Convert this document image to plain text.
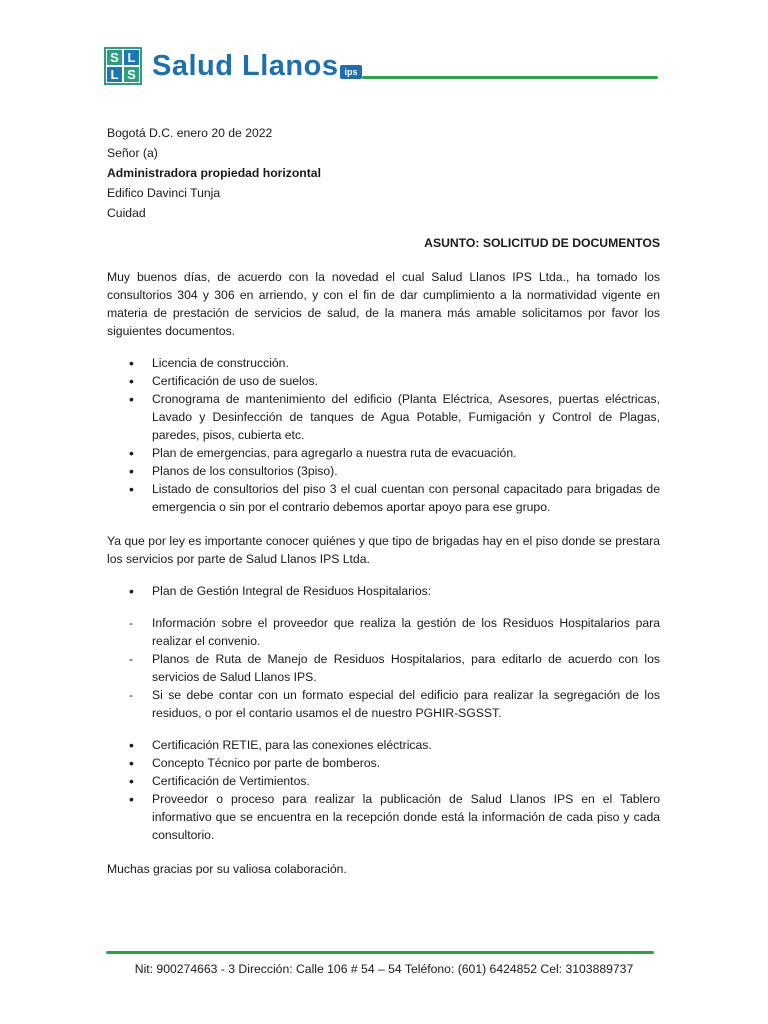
S L
L S Salud Llanos ips

Bogotá D.C. enero 20 de 2022

Señor (a)

Administradora propiedad horizontal

Edifico Davinci Tunja

Cuidad

ASUNTO: SOLICITUD DE DOCUMENTOS
Muy buenos días, de acuerdo con la novedad el cual Salud Llanos IPS Ltda., ha tomado los consultorios 304 y 306 en arriendo, y con el fin de dar cumplimiento a la normatividad vigente en materia de prestación de servicios de salud, de la manera más amable solicitamos por favor los siguientes documentos.
•
Licencia de construcción.
•
Certificación de uso de suelos.
•
Cronograma de mantenimiento del edificio (Planta Eléctrica, Asesores, puertas eléctricas, Lavado y Desinfección de tanques de Agua Potable, Fumigación y Control de Plagas, paredes, pisos, cubierta etc.
•
Plan de emergencias, para agregarlo a nuestra ruta de evacuación.
•
Planos de los consultorios (3piso).
•
Listado de consultorios del piso 3 el cual cuentan con personal capacitado para brigadas de emergencia o sin por el contrario debemos aportar apoyo para ese grupo.
Ya que por ley es importante conocer quiénes y que tipo de brigadas hay en el piso donde se prestara los servicios por parte de Salud Llanos IPS Ltda.
•
Plan de Gestión Integral de Residuos Hospitalarios:
-
Información sobre el proveedor que realiza la gestión de los Residuos Hospitalarios para realizar el convenio.
-
Planos de Ruta de Manejo de Residuos Hospitalarios, para editarlo de acuerdo con los servicios de Salud Llanos IPS.
-
Si se debe contar con un formato especial del edificio para realizar la segregación de los residuos, o por el contario usamos el de nuestro PGHIR-SGSST.
•
Certificación RETIE, para las conexiones eléctricas.
•
Concepto Técnico por parte de bomberos.
•
Certificación de Vertimientos.
•
Proveedor o proceso para realizar la publicación de Salud Llanos IPS en el Tablero informativo que se encuentra en la recepción donde está la información de cada piso y cada consultorio.
Muchas gracias por su valiosa colaboración.
Nit: 900274663 - 3 Dirección: Calle 106 # 54 – 54 Teléfono: (601) 6424852 Cel: 3103889737
